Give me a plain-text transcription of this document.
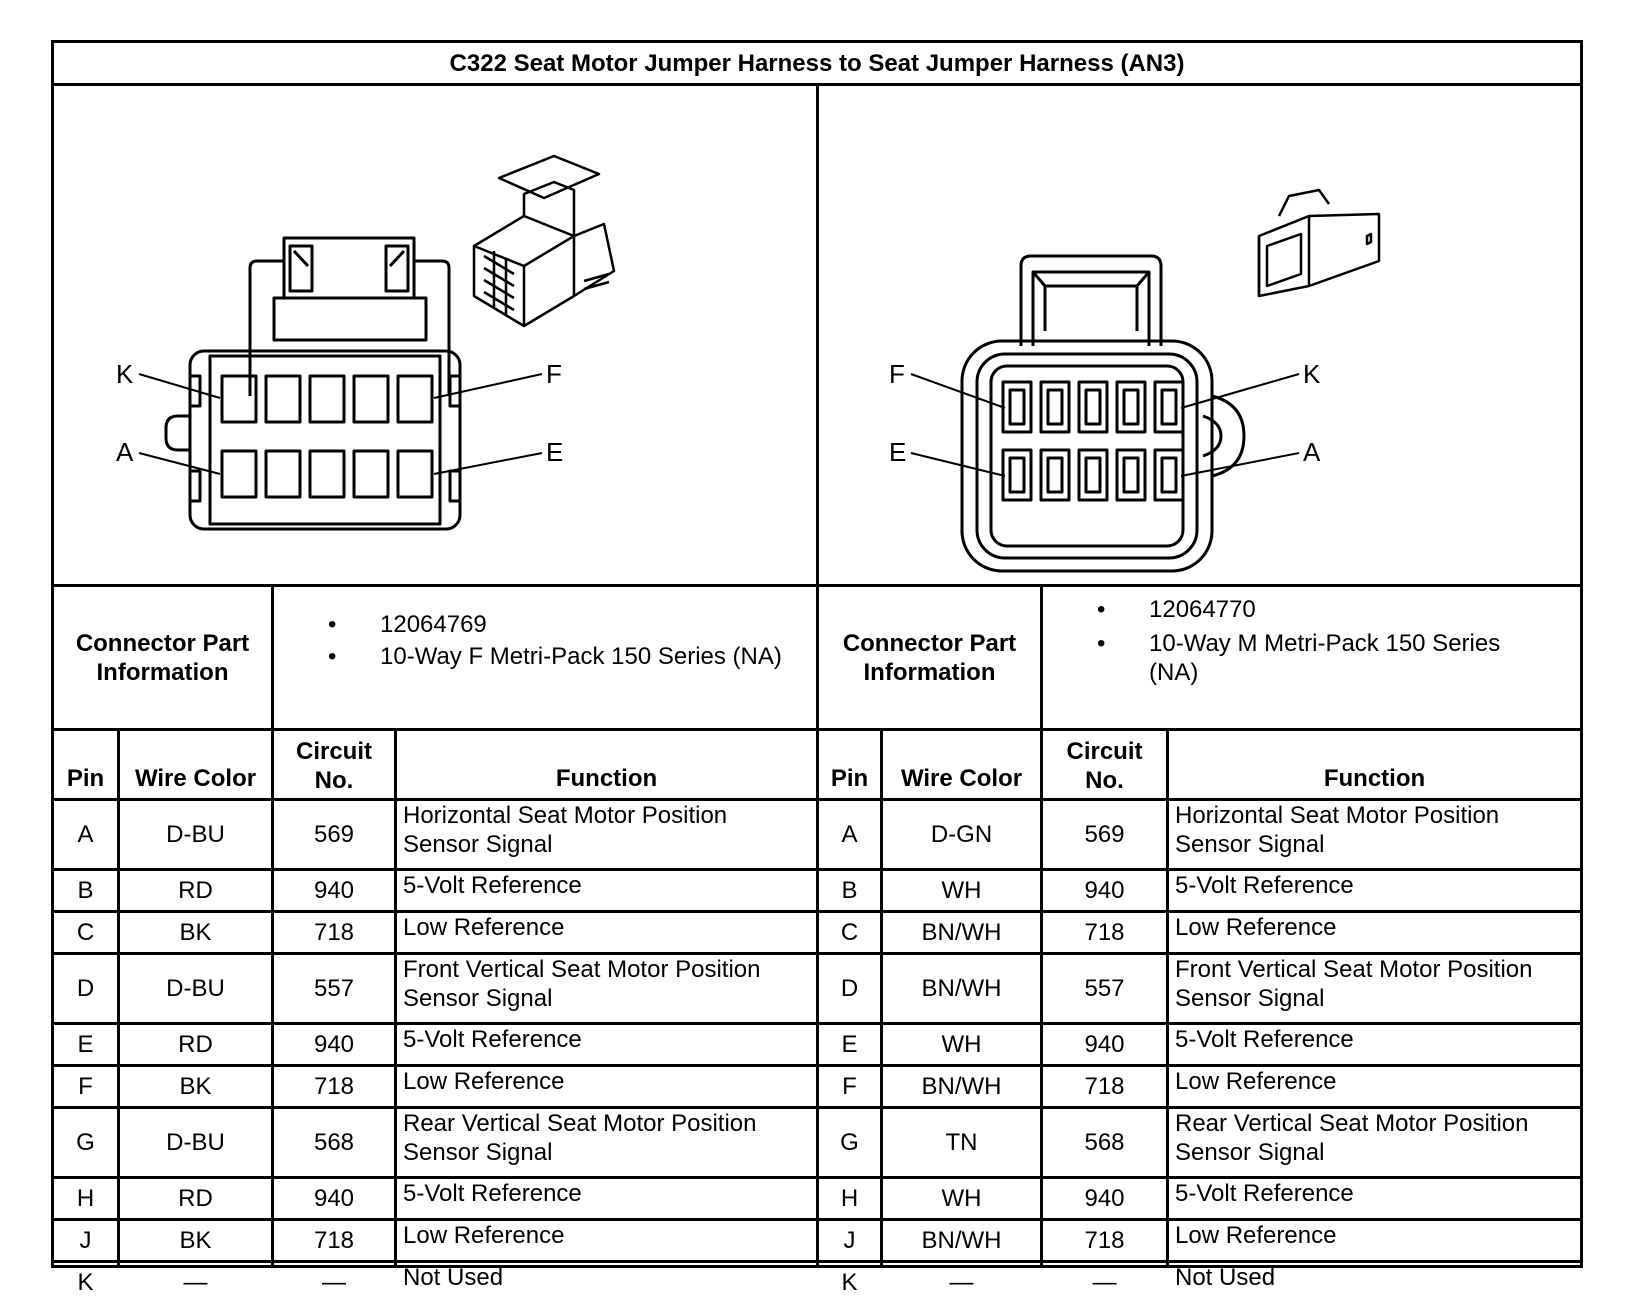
C322 Seat Motor Jumper Harness to Seat Jumper Harness (AN3)
K	F
A	E
F	K
E	A
Connector Part
Information
• 12064769
• 10-Way F Metri-Pack 150 Series (NA)	Connector Part
Information
• 12064770
• 10-Way M Metri-Pack 150 Series
(NA)
Pin	Wire Color
Circuit
No.	Function	Pin	Wire Color
Circuit
No.	Function
A	D-BU	569
Horizontal Seat Motor Position
Sensor Signal	A	D-GN	569
Horizontal Seat Motor Position
Sensor Signal
B	RD	940	5-Volt Reference	B	WH	940	5-Volt Reference
C	BK	718	Low Reference	C	BN/WH	718	Low Reference
D	D-BU	557
Front Vertical Seat Motor Position
Sensor Signal	D	BN/WH	557
Front Vertical Seat Motor Position
Sensor Signal
E	RD	940	5-Volt Reference	E	WH	940	5-Volt Reference
F	BK	718	Low Reference	F	BN/WH	718	Low Reference
G	D-BU	568
Rear Vertical Seat Motor Position
Sensor Signal	G	TN	568
Rear Vertical Seat Motor Position
Sensor Signal
H	RD	940	5-Volt Reference	H	WH	940	5-Volt Reference
J	BK	718	Low Reference	J	BN/WH	718	Low Reference
K	—	—	Not Used	K	—	—	Not Used
